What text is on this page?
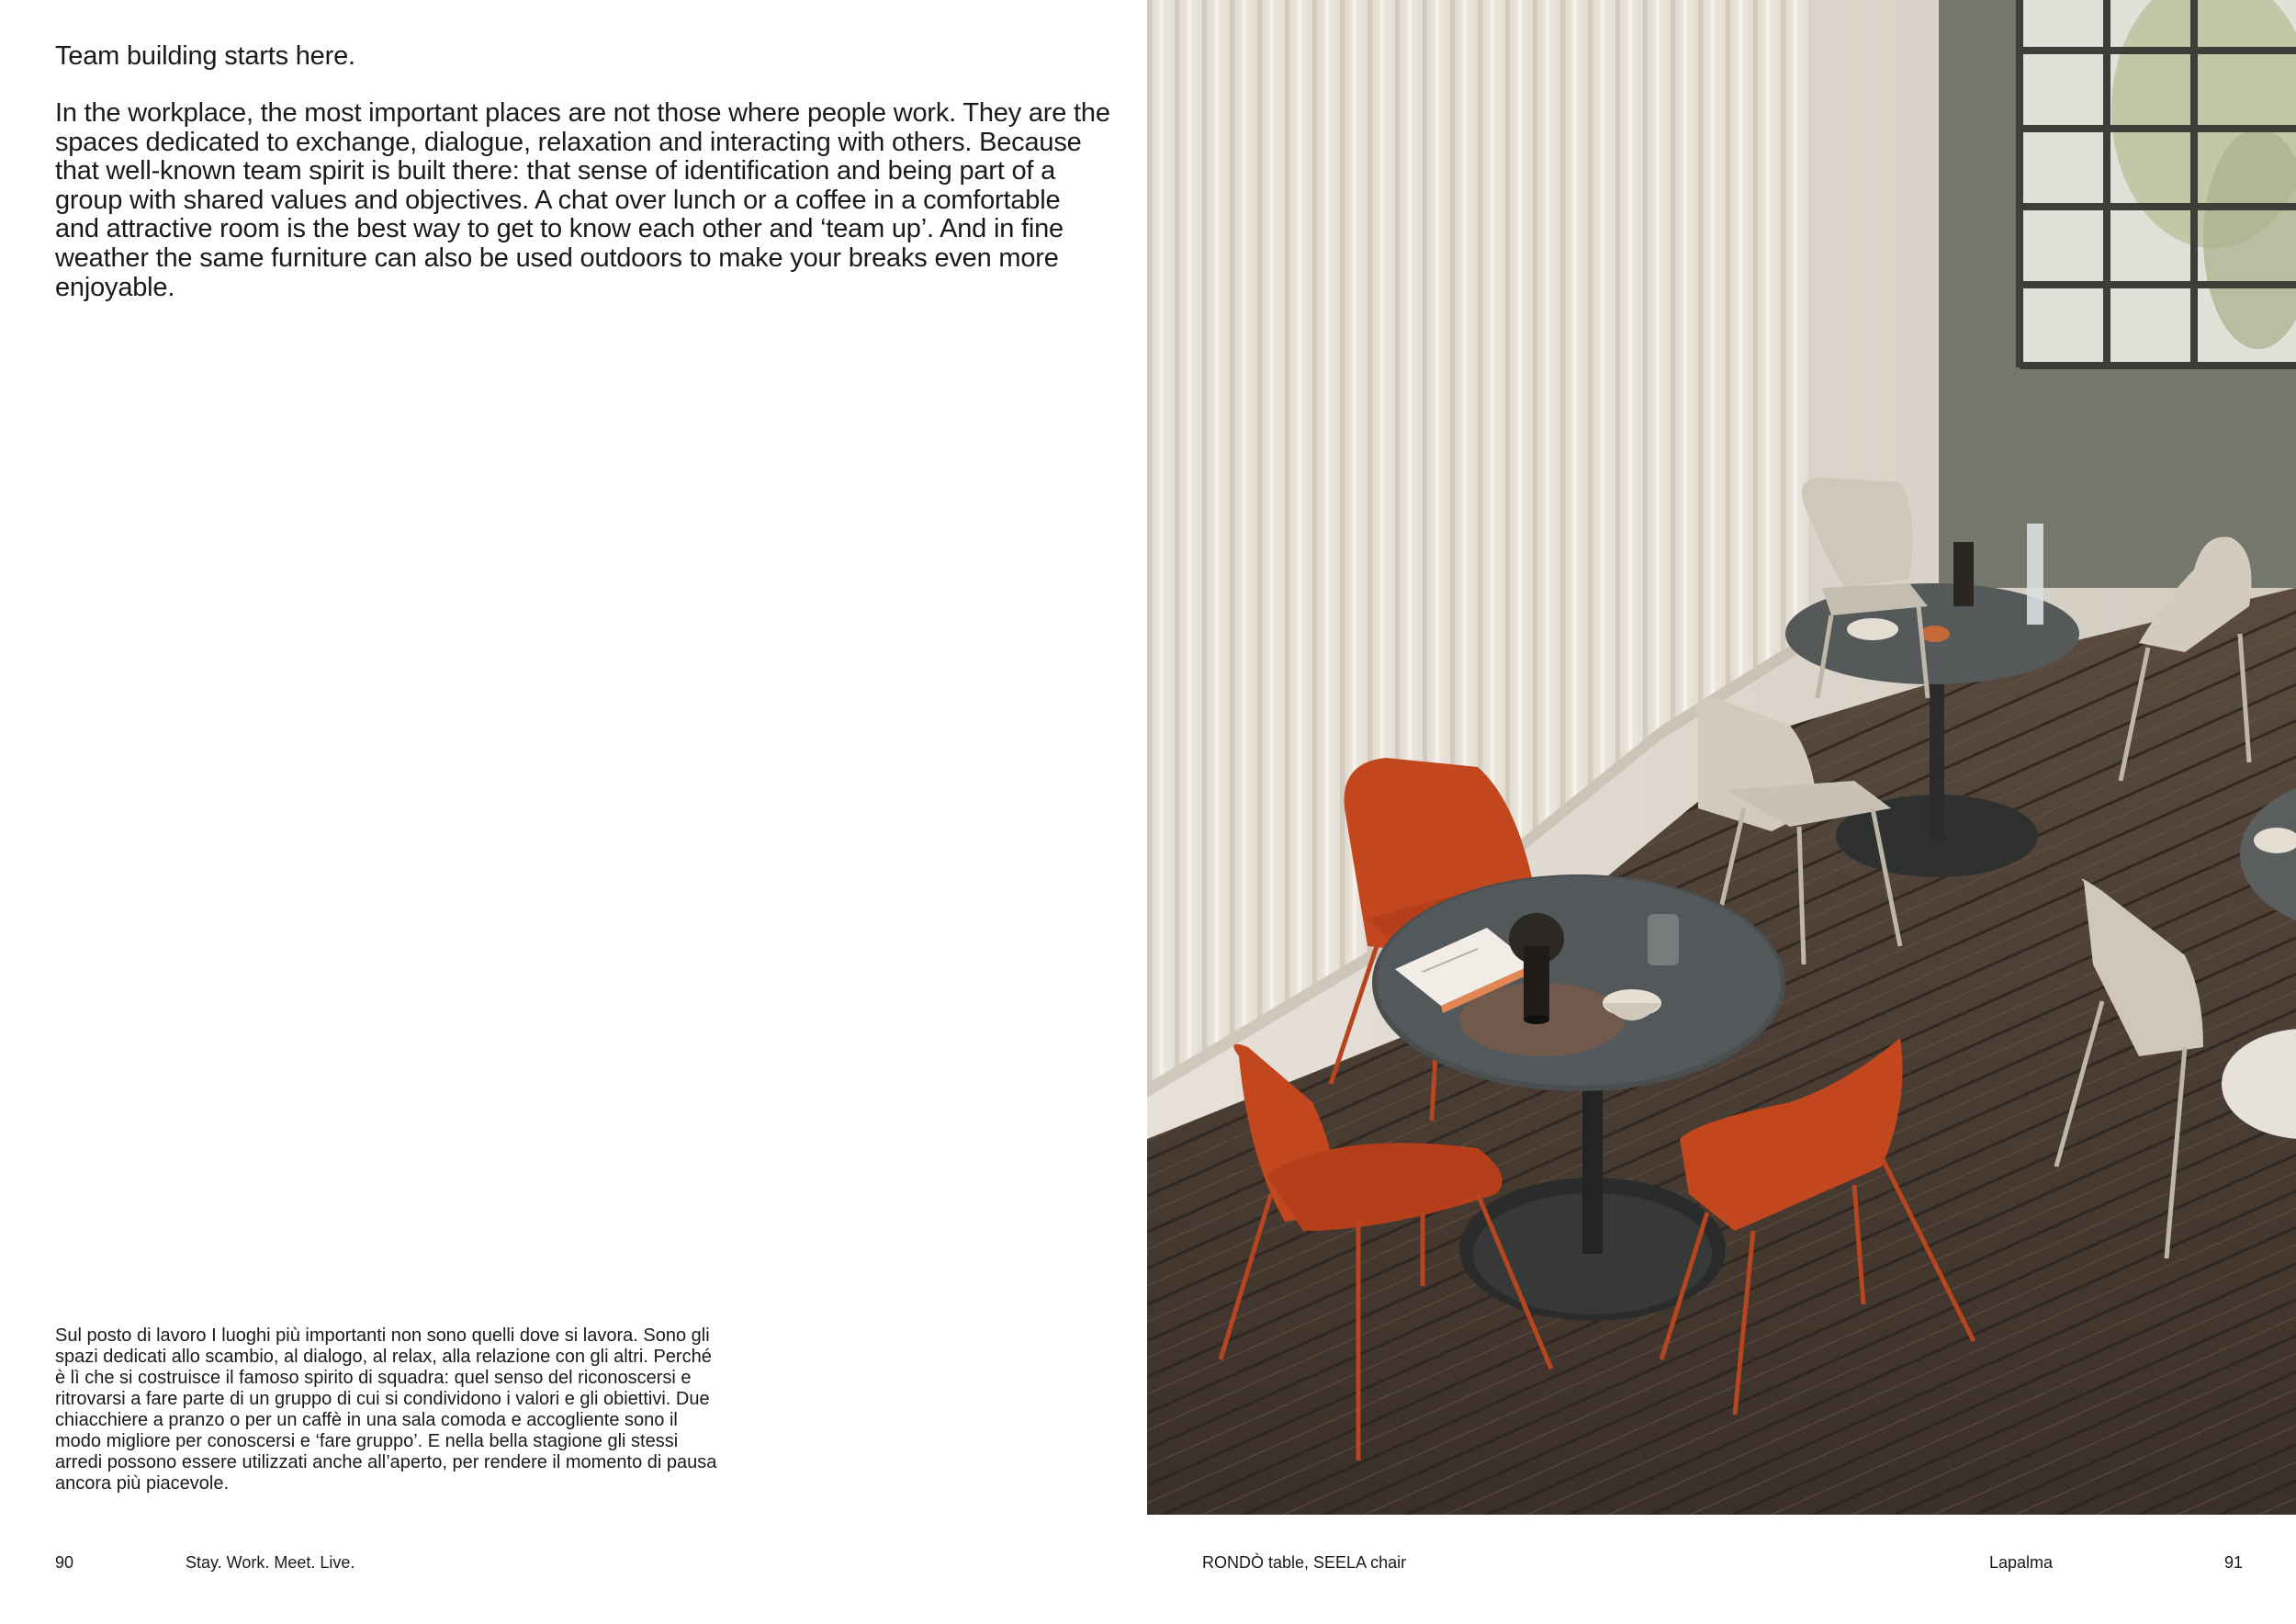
Team building starts here.

In the workplace, the most important places are not those where people work. They are the spaces dedicated to exchange, dialogue, relaxation and interacting with others. Because that well-known team spirit is built there: that sense of identification and being part of a group with shared values and objectives. A chat over lunch or a coffee in a comfortable and attractive room is the best way to get to know each other and ‘team up’. And in fine weather the same furniture can also be used outdoors to make your breaks even more enjoyable.

Sul posto di lavoro I luoghi più importanti non sono quelli dove si lavora. Sono gli spazi dedicati allo scambio, al dialogo, al relax, alla relazione con gli altri. Perché è lì che si costruisce il famoso spirito di squadra: quel senso del riconoscersi e ritrovarsi a fare parte di un gruppo di cui si condividono i valori e gli obiettivi. Due chiacchiere a pranzo o per un caffè in una sala comoda e accogliente sono il modo migliore per conoscersi e ‘fare gruppo’. E nella bella stagione gli stessi arredi possono essere utilizzati anche all’aperto, per rendere il momento di pausa ancora più piacevole.

90	Stay. Work. Meet. Live.	RONDÒ table, SEELA chair	Lapalma	91
